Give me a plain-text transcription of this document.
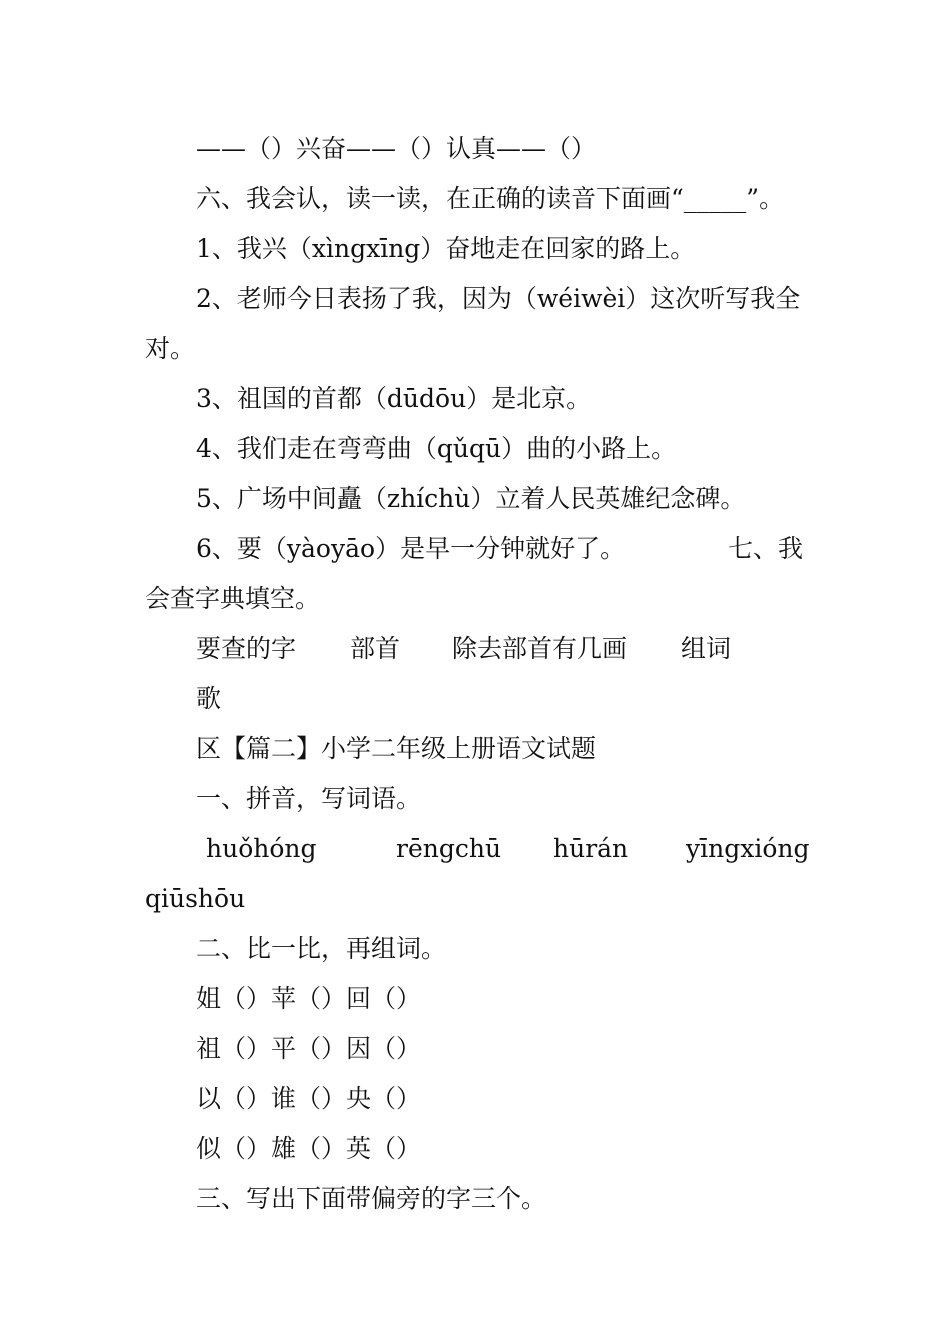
——（）兴奋——（）认真——（）
六、我会认，读一读，在正确的读音下面画“_____”。
1、我兴（xìngxīng）奋地走在回家的路上。
2、老师今日表扬了我，因为（wéiwèi）这次听写我全
对。
3、祖国的首都（dūdōu）是北京。
4、我们走在弯弯曲（qǔqū）曲的小路上。
5、广场中间矗（zhíchù）立着人民英雄纪念碑。

6、要（yàoyāo）是早一分钟就好了。

	七、我

会查字典填空。

要查的字

部首

除去部首有几画

组词

歌
区【篇二】小学二年级上册语文试题
一、拼音，写词语。

huǒhóng

	rēngchū

hūrán

yīngxióng

qiūshōu
二、比一比，再组词。
姐（）苹（）回（）
祖（）平（）因（）
以（）谁（）央（）
似（）雄（）英（）
三、写出下面带偏旁的字三个。
